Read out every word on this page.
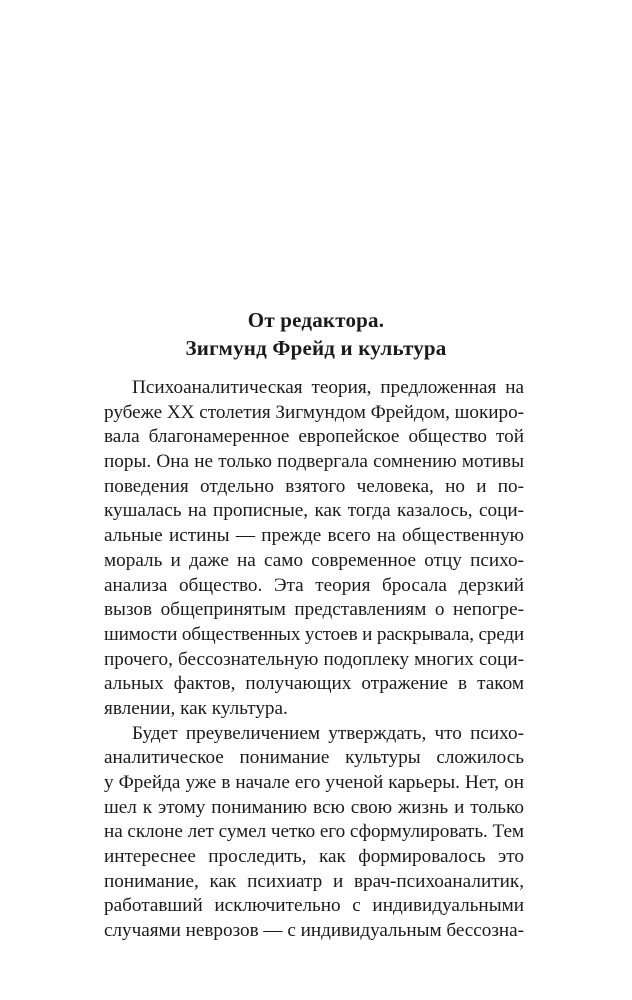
От редактора.
Зигмунд Фрейд и культура
Психоаналитическая теория, предложенная на
рубеже XX столетия Зигмундом Фрейдом, шокиро-
вала благонамеренное европейское общество той
поры. Она не только подвергала сомнению мотивы
поведения отдельно взятого человека, но и по-
кушалась на прописные, как тогда казалось, соци-
альные истины — прежде всего на общественную
мораль и даже на само современное отцу психо-
анализа общество. Эта теория бросала дерзкий
вызов общепринятым представлениям о непогре-
шимости общественных устоев и раскрывала, среди
прочего, бессознательную подоплеку многих соци-
альных фактов, получающих отражение в таком
явлении, как культура.
Будет преувеличением утверждать, что психо-
аналитическое понимание культуры сложилось
у Фрейда уже в начале его ученой карьеры. Нет, он
шел к этому пониманию всю свою жизнь и только
на склоне лет сумел четко его сформулировать. Тем
интереснее проследить, как формировалось это
понимание, как психиатр и врач-психоаналитик,
работавший исключительно с индивидуальными
случаями неврозов — с индивидуальным бессозна-
